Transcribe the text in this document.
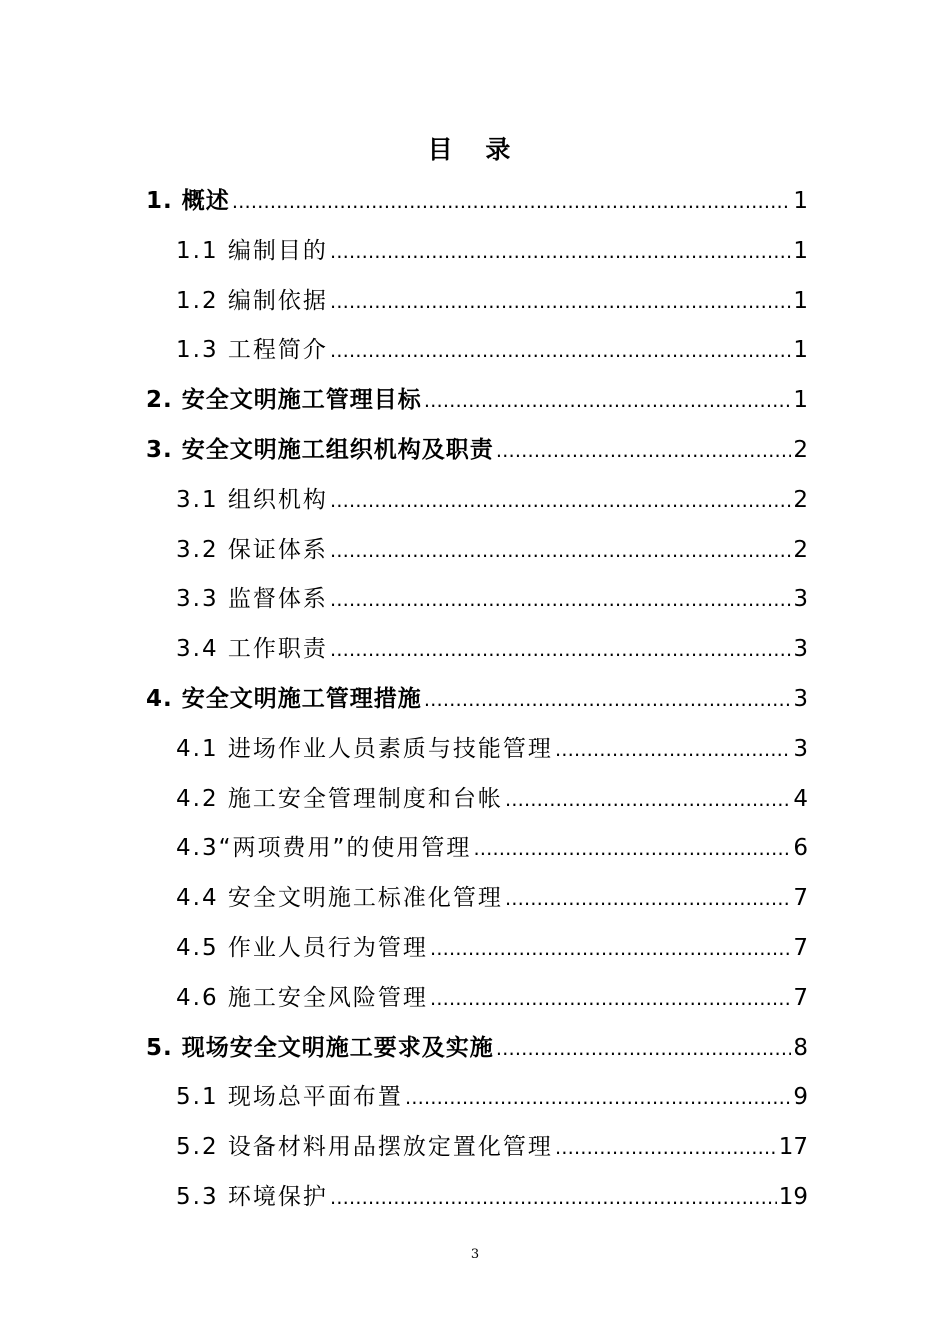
目 录
1. 概述 ……………………………………………………………………………………………………………………………………	1
1.1 编制目的 ……………………………………………………………………………………………………………………………………	1
1.2 编制依据 ……………………………………………………………………………………………………………………………………	1
1.3 工程简介 ……………………………………………………………………………………………………………………………………	1
2. 安全文明施工管理目标 ……………………………………………………………………………………………………………………………………	1
3. 安全文明施工组织机构及职责 ……………………………………………………………………………………………………………………………………	2
3.1 组织机构 ……………………………………………………………………………………………………………………………………	2
3.2 保证体系 ……………………………………………………………………………………………………………………………………	2
3.3 监督体系 ……………………………………………………………………………………………………………………………………	3
3.4 工作职责 ……………………………………………………………………………………………………………………………………	3
4. 安全文明施工管理措施 ……………………………………………………………………………………………………………………………………	3
4.1 进场作业人员素质与技能管理 ……………………………………………………………………………………………………………………………………	3
4.2 施工安全管理制度和台帐 ……………………………………………………………………………………………………………………………………	4
4.3“两项费用”的使用管理 ……………………………………………………………………………………………………………………………………	6
4.4 安全文明施工标准化管理 ……………………………………………………………………………………………………………………………………	7
4.5 作业人员行为管理 ……………………………………………………………………………………………………………………………………	7
4.6 施工安全风险管理 ……………………………………………………………………………………………………………………………………	7
5. 现场安全文明施工要求及实施 ……………………………………………………………………………………………………………………………………	8
5.1 现场总平面布置 ……………………………………………………………………………………………………………………………………	9
5.2 设备材料用品摆放定置化管理 ……………………………………………………………………………………………………………………………………	17
5.3 环境保护 ……………………………………………………………………………………………………………………………………	19
3
